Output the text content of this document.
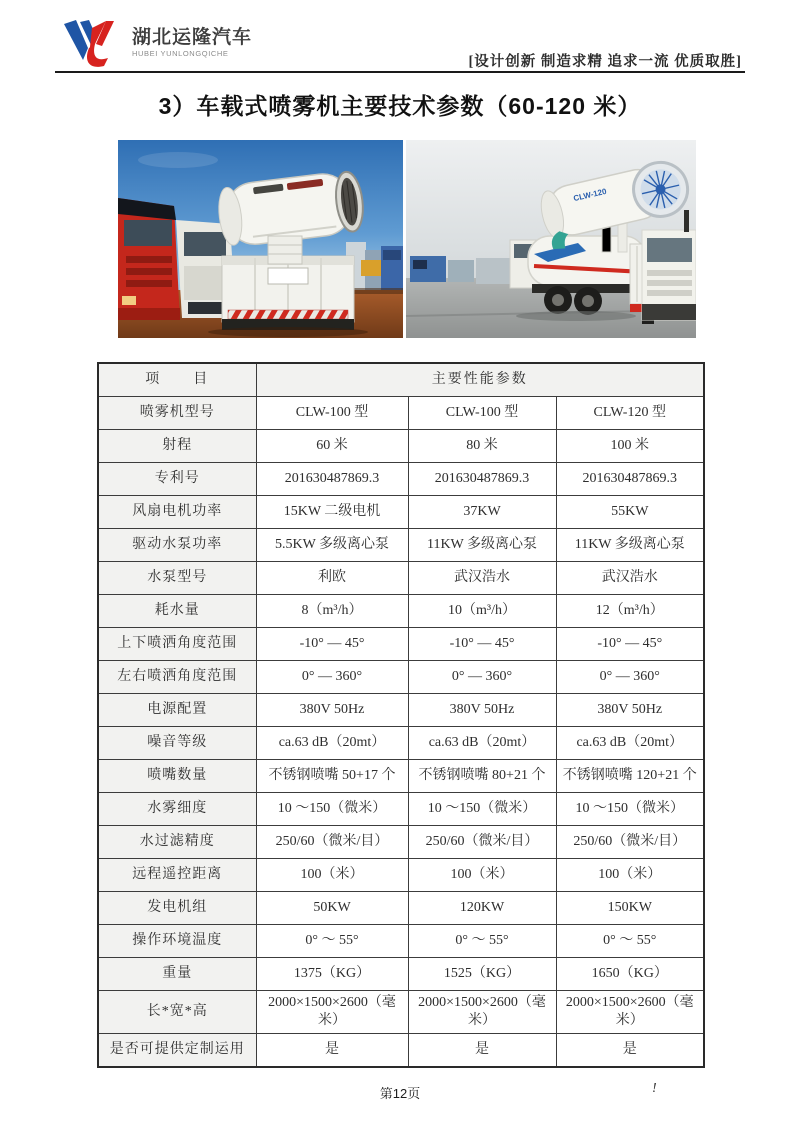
湖北运隆汽车
HUBEI YUNLONGQICHE
[设计创新 制造求精 追求一流 优质取胜]
3）车载式喷雾机主要技术参数（60-120 米）
CLW-120
项　　目	主要性能参数		
喷雾机型号	CLW-100 型	CLW-100 型	CLW-120 型
射程	60 米	80 米	100 米
专利号	201630487869.3	201630487869.3	201630487869.3
风扇电机功率	15KW 二级电机	37KW	55KW
驱动水泵功率	5.5KW 多级离心泵	11KW 多级离心泵	11KW 多级离心泵
水泵型号	利欧	武汉浩水	武汉浩水
耗水量	8（m³/h）	10（m³/h）	12（m³/h）
上下喷洒角度范围	-10° — 45°	-10° — 45°	-10° — 45°
左右喷洒角度范围	0° — 360°	0° — 360°	0° — 360°
电源配置	380V 50Hz	380V 50Hz	380V 50Hz
噪音等级	ca.63 dB（20mt）	ca.63 dB（20mt）	ca.63 dB（20mt）
喷嘴数量	不锈钢喷嘴 50+17 个	不锈钢喷嘴 80+21 个	不锈钢喷嘴 120+21 个
水雾细度	10 ～150（微米）	10 ～150（微米）	10 ～150（微米）
水过滤精度	250/60（微米/目）	250/60（微米/目）	250/60（微米/目）
远程遥控距离	100（米）	100（米）	100（米）
发电机组	50KW	120KW	150KW
操作环境温度	0° ～ 55°	0° ～ 55°	0° ～ 55°
重量	1375（KG）	1525（KG）	1650（KG）
长*宽*高	2000×1500×2600（毫米）	2000×1500×2600（毫米）	2000×1500×2600（毫米）
是否可提供定制运用	是	是	是
第12页	!
